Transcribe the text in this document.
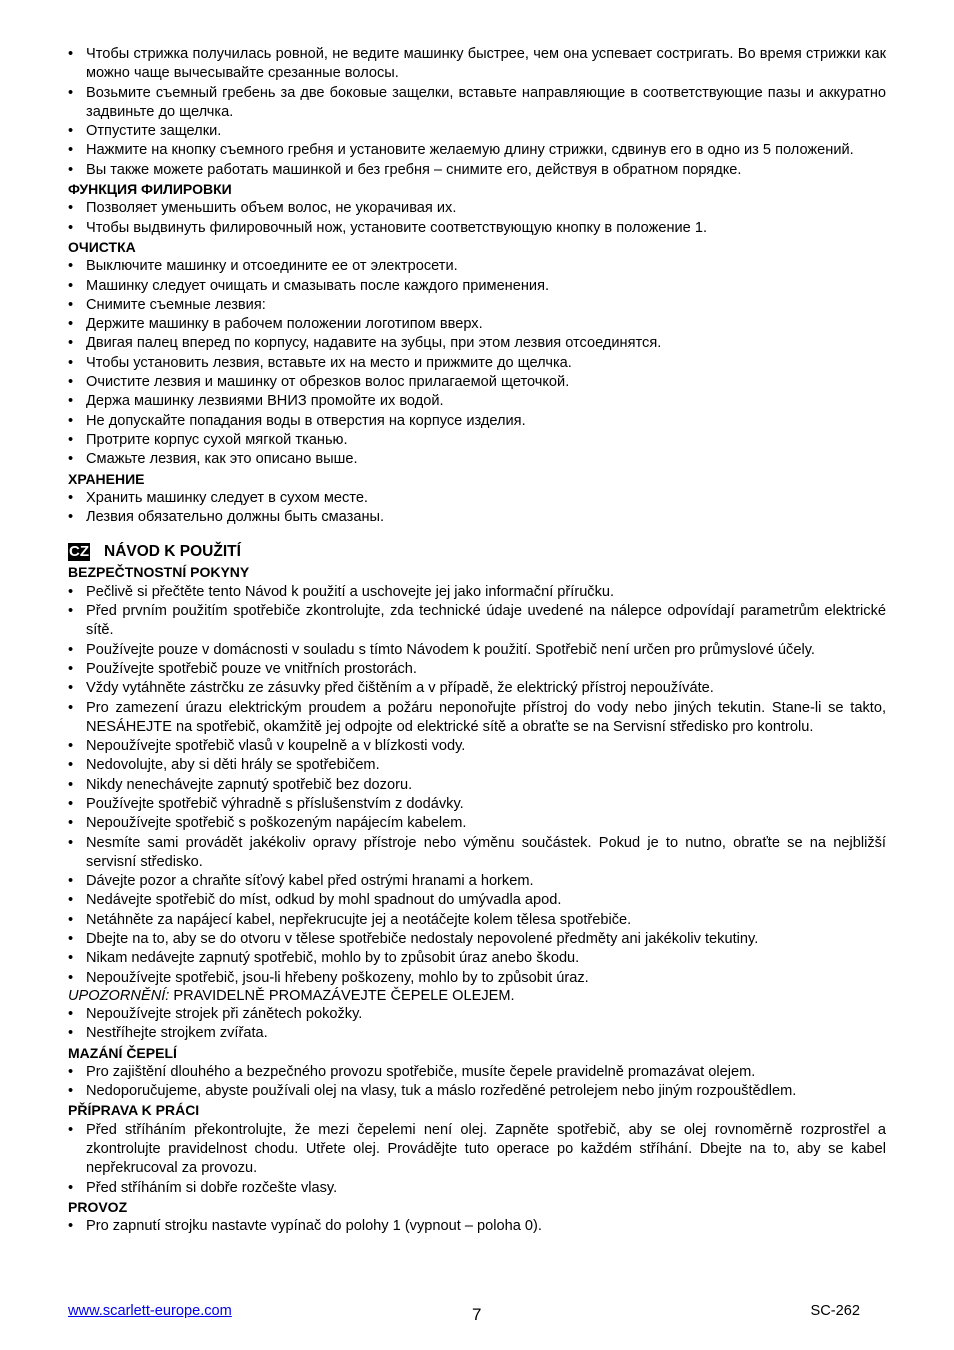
• Чтобы стрижка получилась ровной, не ведите машинку быстрее, чем она успевает состригать. Во время стрижки как можно чаще вычесывайте срезанные волосы.
• Возьмите съемный гребень за две боковые защелки, вставьте направляющие в соответствующие пазы и аккуратно задвиньте до щелчка.
• Отпустите защелки.
• Нажмите на кнопку съемного гребня и установите желаемую длину стрижки, сдвинув его в одно из 5 положений.
• Вы также можете работать машинкой и без гребня – снимите его, действуя в обратном порядке.
ФУНКЦИЯ ФИЛИРОВКИ
• Позволяет уменьшить объем волос, не укорачивая их.
• Чтобы выдвинуть филировочный нож, установите соответствующую кнопку в положение 1.
ОЧИСТКА
• Выключите машинку и отсоедините ее от электросети.
• Машинку следует очищать и смазывать после каждого применения.
• Снимите съемные лезвия:
• Держите машинку в рабочем положении логотипом вверх.
• Двигая палец вперед по корпусу, надавите на зубцы, при этом лезвия отсоединятся.
• Чтобы установить лезвия, вставьте их на место и прижмите до щелчка.
• Очистите лезвия и машинку от обрезков волос прилагаемой щеточкой.
• Держа машинку лезвиями ВНИЗ промойте их водой.
• Не допускайте попадания воды в отверстия на корпусе изделия.
• Протрите корпус сухой мягкой тканью.
• Смажьте лезвия, как это описано выше.
ХРАНЕНИЕ
• Хранить машинку следует в сухом месте.
• Лезвия обязательно должны быть смазаны.
CZ NÁVOD K POUŽITÍ
BEZPEČTNOSTNÍ POKYNY
• Pečlivě si přečtěte tento Návod k použití a uschovejte jej jako informační příručku.
• Před prvním použitím spotřebiče zkontrolujte, zda technické údaje uvedené na nálepce odpovídají parametrům elektrické sítě.
• Používejte pouze v domácnosti v souladu s tímto Návodem k použití. Spotřebič není určen pro průmyslové účely.
• Používejte spotřebič pouze ve vnitřních prostorách.
• Vždy vytáhněte zástrčku ze zásuvky před čištěním a v případě, že elektrický přístroj nepoužíváte.
• Pro zamezení úrazu elektrickým proudem a požáru neponořujte přístroj do vody nebo jiných tekutin. Stane-li se takto, NESÁHEJTE na spotřebič, okamžitě jej odpojte od elektrické sítě a obraťte se na Servisní středisko pro kontrolu.
• Nepoužívejte spotřebič vlasů v koupelně a v blízkosti vody.
• Nedovolujte, aby si děti hrály se spotřebičem.
• Nikdy nenechávejte zapnutý spotřebič bez dozoru.
• Používejte spotřebič výhradně s příslušenstvím z dodávky.
• Nepoužívejte spotřebič s poškozeným napájecím kabelem.
• Nesmíte sami provádět jakékoliv opravy přístroje nebo výměnu součástek. Pokud je to nutno, obraťte se na nejbližší servisní středisko.
• Dávejte pozor a chraňte síťový kabel před ostrými hranami a horkem.
• Nedávejte spotřebič do míst, odkud by mohl spadnout do umývadla apod.
• Netáhněte za napájecí kabel, nepřekrucujte jej a neotáčejte kolem tělesa spotřebiče.
• Dbejte na to, aby se do otvoru v tělese spotřebiče nedostaly nepovolené předměty ani jakékoliv tekutiny.
• Nikam nedávejte zapnutý spotřebič, mohlo by to způsobit úraz anebo škodu.
• Nepoužívejte spotřebič, jsou-li hřebeny poškozeny, mohlo by to způsobit úraz.
UPOZORNĚNÍ: PRAVIDELNĚ PROMAZÁVEJTE ČEPELE OLEJEM.
• Nepoužívejte strojek při zánětech pokožky.
• Nestříhejte strojkem zvířata.
MAZÁNÍ ČEPELÍ
• Pro zajištění dlouhého a bezpečného provozu spotřebiče, musíte čepele pravidelně promazávat olejem.
• Nedoporučujeme, abyste používali olej na vlasy, tuk a máslo rozředěné petrolejem nebo jiným rozpouštědlem.
PŘÍPRAVA K PRÁCI
• Před stříháním překontrolujte, že mezi čepelemi není olej. Zapněte spotřebič, aby se olej rovnoměrně rozprostřel a zkontrolujte pravidelnost chodu. Utřete olej. Provádějte tuto operace po každém stříhání. Dbejte na to, aby se kabel nepřekrucoval za provozu.
• Před stříháním si dobře rozčešte vlasy.
PROVOZ
• Pro zapnutí strojku nastavte vypínač do polohy 1 (vypnout – poloha 0).
www.scarlett-europe.com	7	SC-262
